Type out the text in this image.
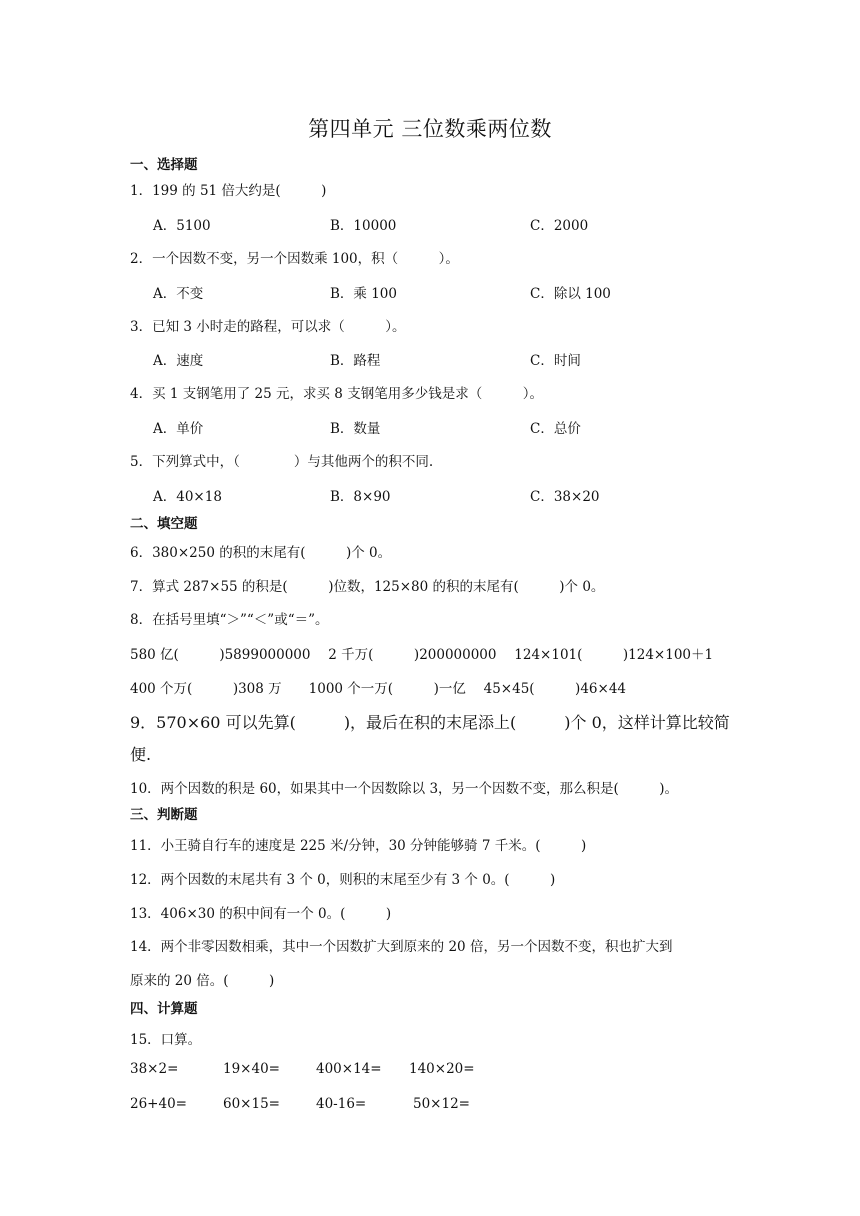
第四单元 三位数乘两位数
一、选择题
1．199 的 51 倍大约是(　　　)
A．5100	B．10000	C．2000
2．一个因数不变，另一个因数乘 100，积（　　　）。
A．不变	B．乘 100	C．除以 100
3．已知 3 小时走的路程，可以求（　　　）。
A．速度	B．路程	C．时间
4．买 1 支钢笔用了 25 元，求买 8 支钢笔用多少钱是求（　　　）。
A．单价	B．数量	C．总价
5．下列算式中，（　　　　）与其他两个的积不同.
A．40×18	B．8×90	C．38×20
二、填空题
6．380×250 的积的末尾有(　　　)个 0。
7．算式 287×55 的积是(　　　)位数，125×80 的积的末尾有(　　　)个 0。
8．在括号里填“＞”“＜”或“＝”。
580 亿(　　　)5899000000　 2 千万(　　　)200000000　 124×101(　　　)124×100＋1
400 个万(　　　)308 万　　1000 个一万(　　　)一亿　 45×45(　　　)46×44
9．570×60 可以先算(　　　)，最后在积的末尾添上(　　　)个 0，这样计算比较简
便.
10．两个因数的积是 60，如果其中一个因数除以 3，另一个因数不变，那么积是(　　　)。
三、判断题
11．小王骑自行车的速度是 225 米/分钟，30 分钟能够骑 7 千米。(　　　)
12．两个因数的末尾共有 3 个 0，则积的末尾至少有 3 个 0。(　　　)
13．406×30 的积中间有一个 0。(　　　)
14．两个非零因数相乘，其中一个因数扩大到原来的 20 倍，另一个因数不变，积也扩大到
原来的 20 倍。(　　　)
四、计算题
15．口算。
38×2=	19×40=	400×14= 140×20=
26+40=	60×15=	40-16=	50×12=
